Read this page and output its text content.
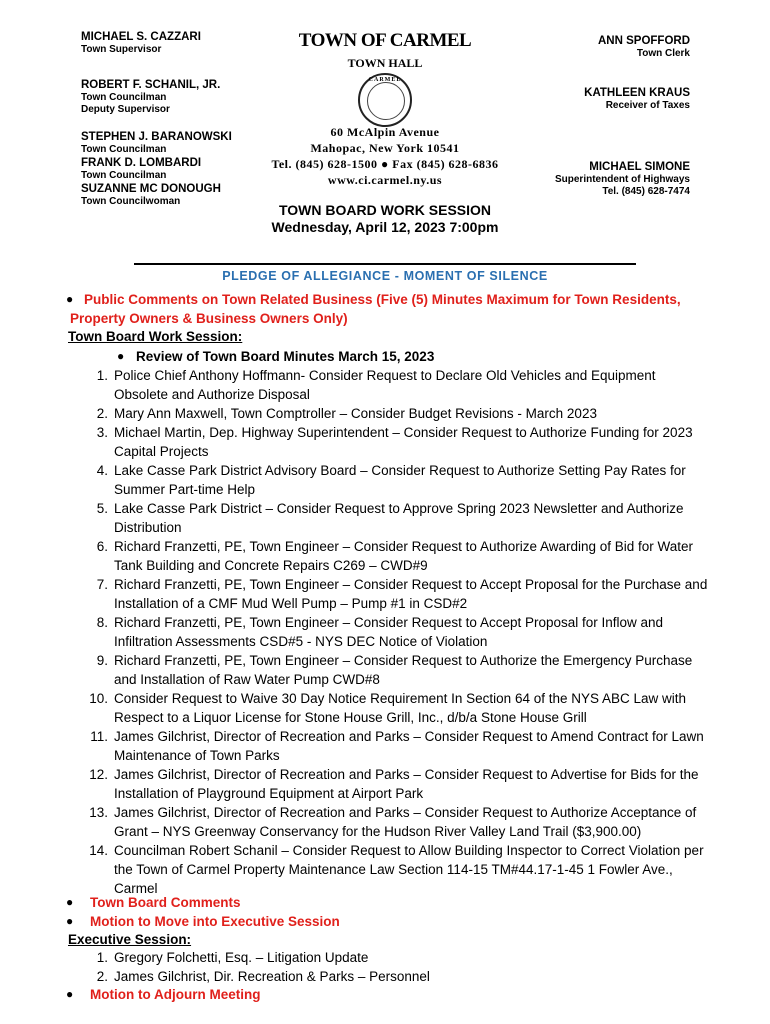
MICHAEL S. CAZZARI
Town Supervisor
ROBERT F. SCHANIL, JR.
Town Councilman
Deputy Supervisor
STEPHEN J. BARANOWSKI
Town Councilman
FRANK D. LOMBARDI
Town Councilman
SUZANNE MC DONOUGH
Town Councilwoman
ANN SPOFFORD
Town Clerk
KATHLEEN KRAUS
Receiver of Taxes
MICHAEL SIMONE
Superintendent of Highways
Tel. (845) 628-7474
TOWN OF CARMEL
TOWN HALL
CARMEL
60 McAlpin Avenue
Mahopac, New York 10541
Tel. (845) 628-1500 ● Fax (845) 628-6836
www.ci.carmel.ny.us
TOWN BOARD WORK SESSION
Wednesday, April 12, 2023 7:00pm
PLEDGE OF ALLEGIANCE - MOMENT OF SILENCE
● Public Comments on Town Related Business (Five (5) Minutes Maximum for Town Residents,
Property Owners & Business Owners Only)
Town Board Work Session:
● Review of Town Board Minutes March 15, 2023
1. Police Chief Anthony Hoffmann- Consider Request to Declare Old Vehicles and Equipment
Obsolete and Authorize Disposal
2. Mary Ann Maxwell, Town Comptroller – Consider Budget Revisions - March 2023
3. Michael Martin, Dep. Highway Superintendent – Consider Request to Authorize Funding for 2023
Capital Projects
4. Lake Casse Park District Advisory Board – Consider Request to Authorize Setting Pay Rates for
Summer Part-time Help
5. Lake Casse Park District – Consider Request to Approve Spring 2023 Newsletter and Authorize
Distribution
6. Richard Franzetti, PE, Town Engineer – Consider Request to Authorize Awarding of Bid for Water
Tank Building and Concrete Repairs C269 – CWD#9
7. Richard Franzetti, PE, Town Engineer – Consider Request to Accept Proposal for the Purchase and
Installation of a CMF Mud Well Pump – Pump #1 in CSD#2
8. Richard Franzetti, PE, Town Engineer – Consider Request to Accept Proposal for Inflow and
Infiltration Assessments CSD#5 - NYS DEC Notice of Violation
9. Richard Franzetti, PE, Town Engineer – Consider Request to Authorize the Emergency Purchase
and Installation of Raw Water Pump CWD#8
10. Consider Request to Waive 30 Day Notice Requirement In Section 64 of the NYS ABC Law with
Respect to a Liquor License for Stone House Grill, Inc., d/b/a Stone House Grill
11. James Gilchrist, Director of Recreation and Parks – Consider Request to Amend Contract for Lawn
Maintenance of Town Parks
12. James Gilchrist, Director of Recreation and Parks – Consider Request to Advertise for Bids for the
Installation of Playground Equipment at Airport Park
13. James Gilchrist, Director of Recreation and Parks – Consider Request to Authorize Acceptance of
Grant – NYS Greenway Conservancy for the Hudson River Valley Land Trail ($3,900.00)
14. Councilman Robert Schanil – Consider Request to Allow Building Inspector to Correct Violation per
the Town of Carmel Property Maintenance Law Section 114-15 TM#44.17-1-45 1 Fowler Ave.,
Carmel
● Town Board Comments
● Motion to Move into Executive Session
Executive Session:
1. Gregory Folchetti, Esq. – Litigation Update
2. James Gilchrist, Dir. Recreation & Parks – Personnel
● Motion to Adjourn Meeting
